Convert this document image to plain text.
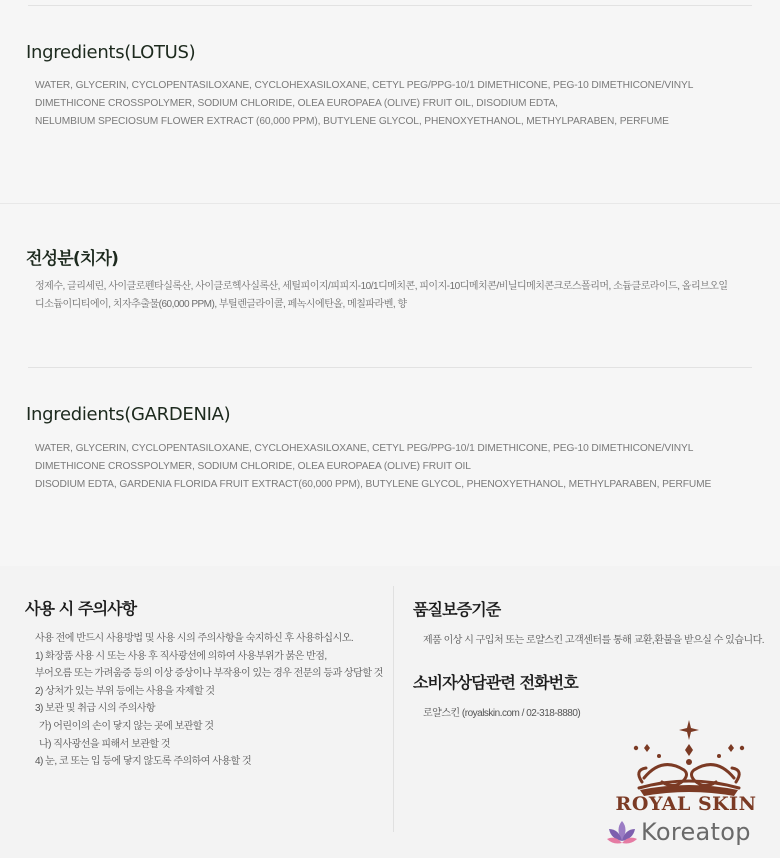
Ingredients(LOTUS)
WATER, GLYCERIN, CYCLOPENTASILOXANE, CYCLOHEXASILOXANE, CETYL PEG/PPG-10/1 DIMETHICONE, PEG-10 DIMETHICONE/VINYL
DIMETHICONE CROSSPOLYMER, SODIUM CHLORIDE, OLEA EUROPAEA (OLIVE) FRUIT OIL, DISODIUM EDTA,
NELUMBIUM SPECIOSUM FLOWER EXTRACT (60,000 PPM), BUTYLENE GLYCOL, PHENOXYETHANOL, METHYLPARABEN, PERFUME
전성분(치자)
정제수, 글리세린, 사이클로펜타실록산, 사이클로헥사실록산, 세틸피이지/피피지-10/1디메치콘, 피이지-10디메치콘/비닐디메치콘크로스폴리머, 소듐클로라이드, 올리브오일
디소듐이디티에이, 치자추출물(60,000 PPM), 부틸렌글라이콜, 페녹시에탄올, 메칠파라벤, 향
Ingredients(GARDENIA)
WATER, GLYCERIN, CYCLOPENTASILOXANE, CYCLOHEXASILOXANE, CETYL PEG/PPG-10/1 DIMETHICONE, PEG-10 DIMETHICONE/VINYL
DIMETHICONE CROSSPOLYMER, SODIUM CHLORIDE, OLEA EUROPAEA (OLIVE) FRUIT OIL
DISODIUM EDTA, GARDENIA FLORIDA FRUIT EXTRACT(60,000 PPM), BUTYLENE GLYCOL, PHENOXYETHANOL, METHYLPARABEN, PERFUME
사용 시 주의사항
사용 전에 반드시 사용방법 및 사용 시의 주의사항을 숙지하신 후 사용하십시오.
1) 화장품 사용 시 또는 사용 후 직사광선에 의하여 사용부위가 붉은 반점,
부어오름 또는 가려움증 등의 이상 증상이나 부작용이 있는 경우 전문의 등과 상담할 것
2) 상처가 있는 부위 등에는 사용을 자제할 것
3) 보관 및 취급 시의 주의사항
가) 어린이의 손이 닿지 않는 곳에 보관할 것
나) 직사광선을 피해서 보관할 것
4) 눈, 코 또는 입 등에 닿지 않도록 주의하여 사용할 것
품질보증기준
제품 이상 시 구입처 또는 로얄스킨 고객센터를 통해 교환,환불을 받으실 수 있습니다.
소비자상담관련 전화번호
로얄스킨 (royalskin.com / 02-318-8880)
ROYAL SKIN
Koreatop
